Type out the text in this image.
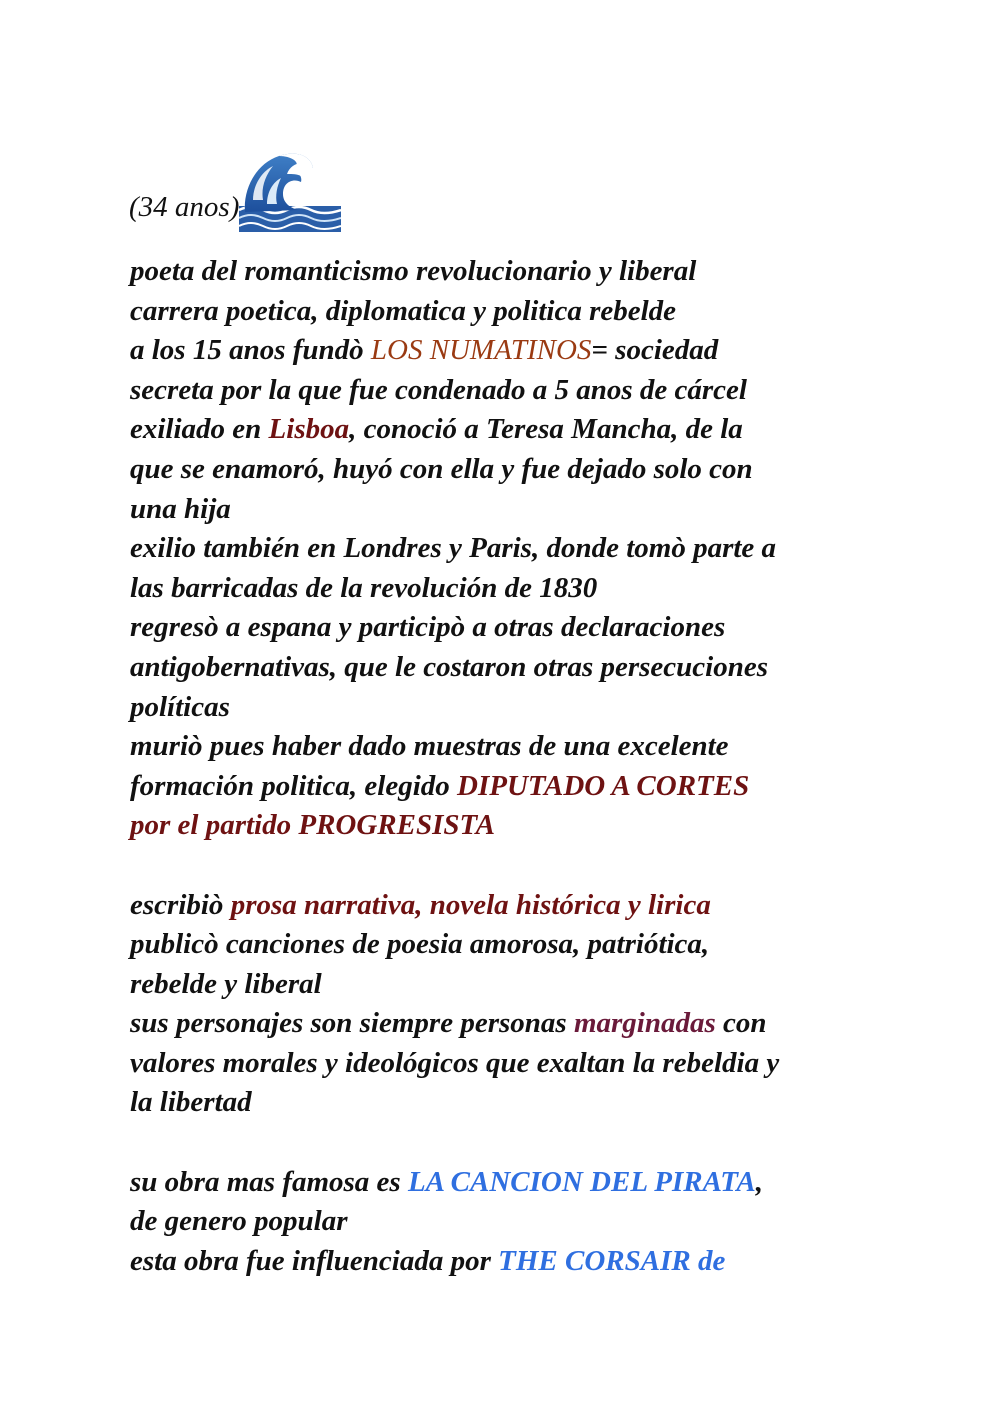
(34 anos)
poeta del romanticismo revolucionario y liberal
carrera poetica, diplomatica y politica rebelde
a los 15 anos fundò LOS NUMATINOS= sociedad
secreta por la que fue condenado a 5 anos de cárcel
exiliado en Lisboa, conoció a Teresa Mancha, de la
que se enamoró, huyó con ella y fue dejado solo con
una hija
exilio también en Londres y Paris, donde tomò parte a
las barricadas de la revolución de 1830
regresò a espana y participò a otras declaraciones
antigobernativas, que le costaron otras persecuciones
políticas
muriò pues haber dado muestras de una excelente
formación politica, elegido DIPUTADO A CORTES
por el partido PROGRESISTA
escribiò prosa narrativa, novela histórica y lirica
publicò canciones de poesia amorosa, patriótica,
rebelde y liberal
sus personajes son siempre personas marginadas con
valores morales y ideológicos que exaltan la rebeldia y
la libertad
su obra mas famosa es LA CANCION DEL PIRATA,
de genero popular
esta obra fue influenciada por THE CORSAIR de
